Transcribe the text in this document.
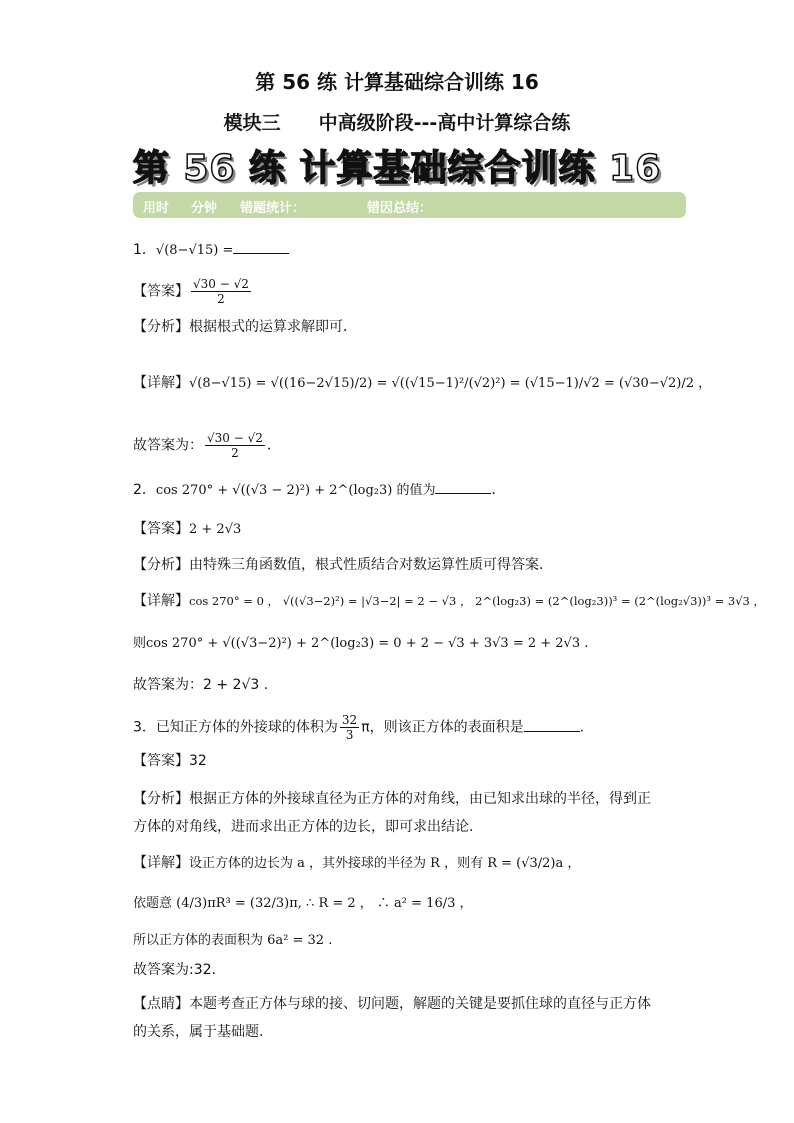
第 56 练 计算基础综合训练 16
模块三　　中高级阶段---高中计算综合练
第 56 练 计算基础综合训练 16
用时 分钟 错题统计：	错因总结：
1．√(8−√15) =
【答案】 $\frac{√30 - √2}{2}$
【分析】根据根式的运算求解即可．
【详解】√(8−√15) = √((16−2√15)/2) = √((√15−1)²/(√2)²) = (√15−1)/√2 = (√30−√2)/2 ，
故答案为： $\frac{√30 - √2}{2}$ ．
2．cos 270° + √((√3 − 2)²) + 2^(log₂3) 的值为	．
【答案】2 + 2√3
【分析】由特殊三角函数值，根式性质结合对数运算性质可得答案.
【详解】cos 270° = 0 ， √((√3−2)²) = |√3−2| = 2 − √3 ， 2^(log₂3) = (2^(log₂3))³ = (2^(log₂√3))³ = 3√3 ，
则cos 270° + √((√3−2)²) + 2^(log₂3) = 0 + 2 − √3 + 3√3 = 2 + 2√3 .
故答案为：2 + 2√3 .
3．已知正方体的外接球的体积为 $\frac{32}{3}$ π，则该正方体的表面积是	.
【答案】32
【分析】根据正方体的外接球直径为正方体的对角线，由已知求出球的半径，得到正方体的对角线，进而求出正方体的边长，即可求出结论.
【详解】设正方体的边长为 a ，其外接球的半径为 R ，则有 R = (√3/2)a ，
依题意 (4/3)πR³ = (32/3)π, ∴ R = 2 ， ∴ a² = 16/3 ，
所以正方体的表面积为 6a² = 32 .
故答案为:32.
【点睛】本题考查正方体与球的接、切问题，解题的关键是要抓住球的直径与正方体的关系，属于基础题.
